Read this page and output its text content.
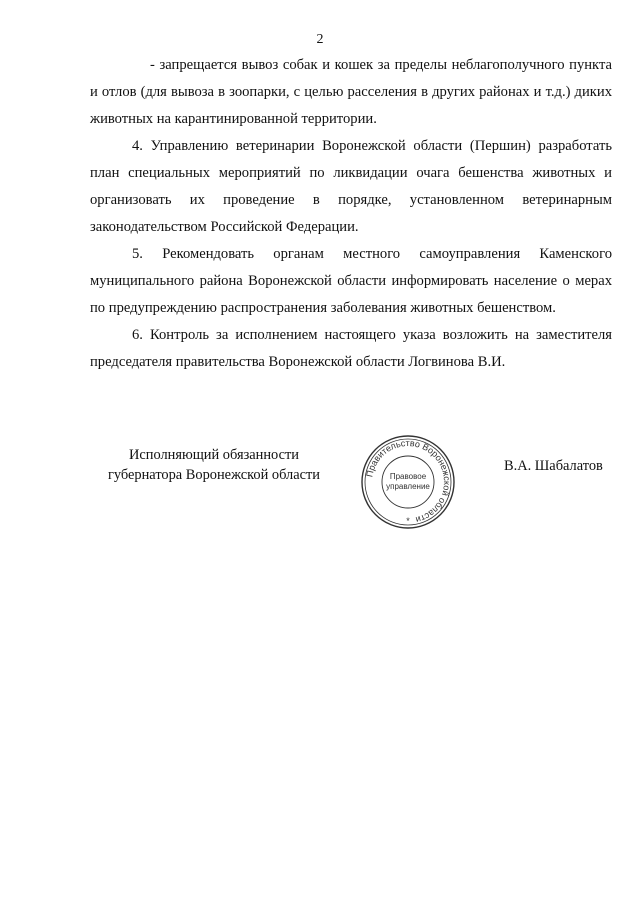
2

- запрещается вывоз собак и кошек за пределы неблагополучного пункта и отлов (для вывоза в зоопарки, с целью расселения в других районах и т.д.) диких животных на карантинированной территории.

4. Управлению ветеринарии Воронежской области (Першин) разработать план специальных мероприятий по ликвидации очага бешенства животных и организовать их проведение в порядке, установленном ветеринарным законодательством Российской Федерации.

5. Рекомендовать органам местного самоуправления Каменского муниципального района Воронежской области информировать население о мерах по предупреждению распространения заболевания животных бешенством.

6. Контроль за исполнением настоящего указа возложить на заместителя председателя правительства Воронежской области Логвинова В.И.

Исполняющий обязанности
губернатора Воронежской области	Правительство Воронежской области
Правовое
управление
*
В.А. Шабалатов
